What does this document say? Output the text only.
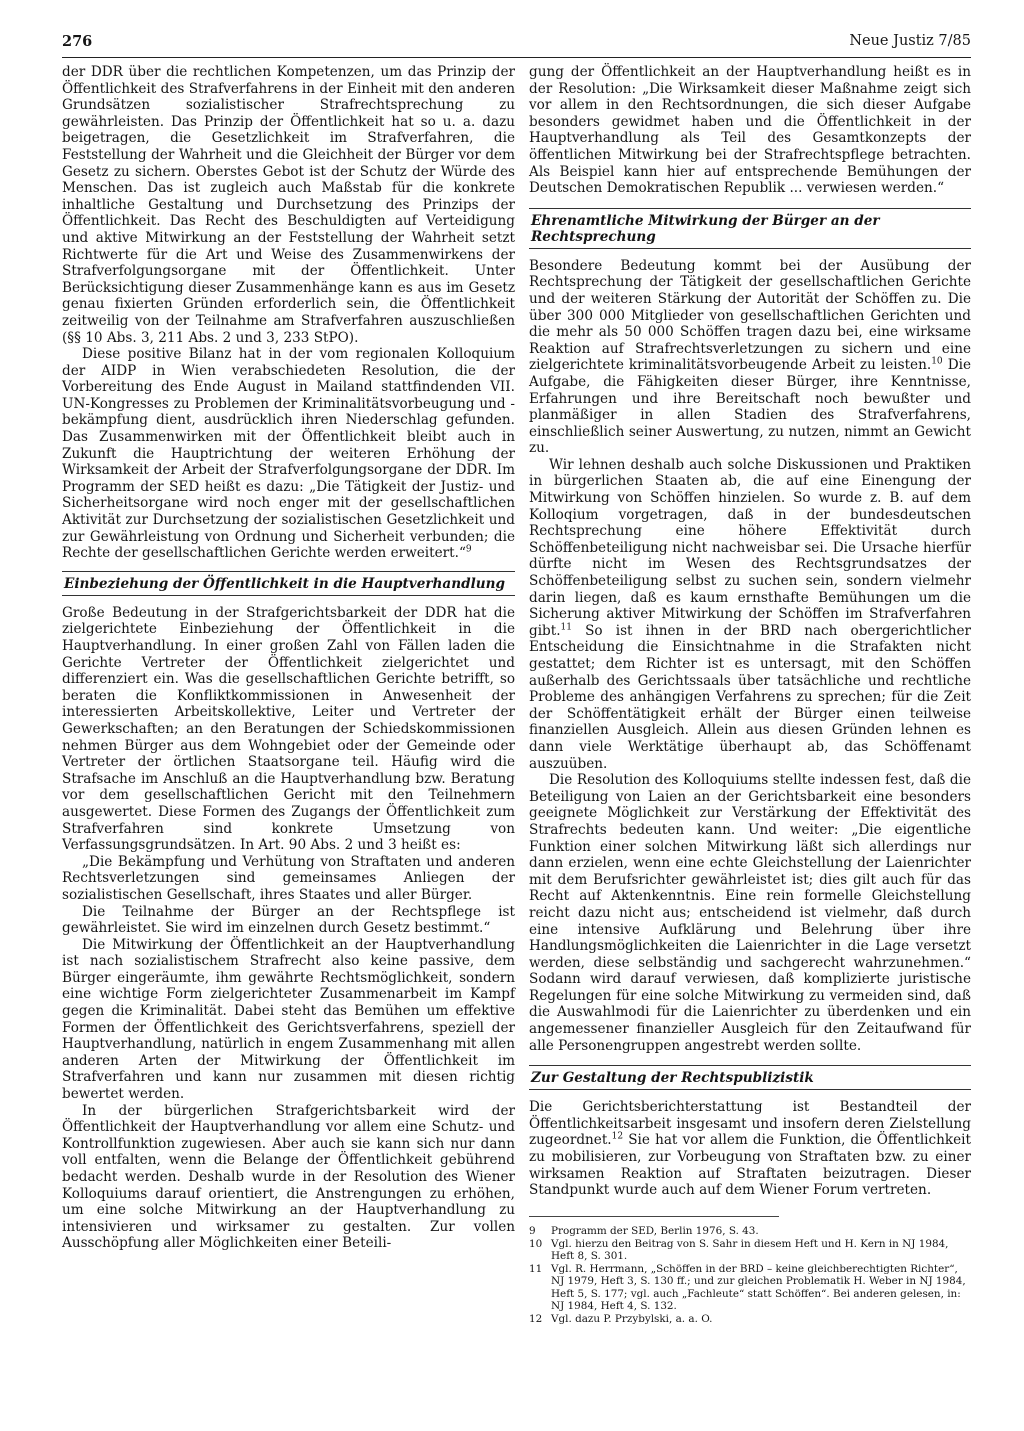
276	Neue Justiz 7/85

der DDR über die rechtlichen Kompetenzen, um das Prinzip der Öffentlichkeit des Strafverfahrens in der Einheit mit den anderen Grundsätzen sozialistischer Strafrechtsprechung zu gewährleisten. Das Prinzip der Öffentlichkeit hat so u. a. dazu beigetragen, die Gesetzlichkeit im Strafverfahren, die Feststellung der Wahrheit und die Gleichheit der Bürger vor dem Gesetz zu sichern. Oberstes Gebot ist der Schutz der Würde des Menschen. Das ist zugleich auch Maßstab für die konkrete inhaltliche Gestaltung und Durchsetzung des Prinzips der Öffentlichkeit. Das Recht des Beschuldigten auf Verteidigung und aktive Mitwirkung an der Feststellung der Wahrheit setzt Richtwerte für die Art und Weise des Zusammenwirkens der Strafverfolgungsorgane mit der Öffentlichkeit. Unter Berücksichtigung dieser Zusammenhänge kann es aus im Gesetz genau fixierten Gründen erforderlich sein, die Öffentlichkeit zeitweilig von der Teilnahme am Strafverfahren auszuschließen (§§ 10 Abs. 3, 211 Abs. 2 und 3, 233 StPO).

Diese positive Bilanz hat in der vom regionalen Kolloquium der AIDP in Wien verabschiedeten Resolution, die der Vorbereitung des Ende August in Mailand stattfindenden VII. UN-Kongresses zu Problemen der Kriminalitätsvorbeugung und -bekämpfung dient, ausdrücklich ihren Niederschlag gefunden. Das Zusammenwirken mit der Öffentlichkeit bleibt auch in Zukunft die Hauptrichtung der weiteren Erhöhung der Wirksamkeit der Arbeit der Strafverfolgungsorgane der DDR. Im Programm der SED heißt es dazu: „Die Tätigkeit der Justiz- und Sicherheitsorgane wird noch enger mit der gesellschaftlichen Aktivität zur Durchsetzung der sozialistischen Gesetzlichkeit und zur Gewährleistung von Ordnung und Sicherheit verbunden; die Rechte der gesellschaftlichen Gerichte werden erweitert.“$^9$

Einbeziehung der Öffentlichkeit in die Hauptverhandlung

Große Bedeutung in der Strafgerichtsbarkeit der DDR hat die zielgerichtete Einbeziehung der Öffentlichkeit in die Hauptverhandlung. In einer großen Zahl von Fällen laden die Gerichte Vertreter der Öffentlichkeit zielgerichtet und differenziert ein. Was die gesellschaftlichen Gerichte betrifft, so beraten die Konfliktkommissionen in Anwesenheit der interessierten Arbeitskollektive, Leiter und Vertreter der Gewerkschaften; an den Beratungen der Schiedskommissionen nehmen Bürger aus dem Wohngebiet oder der Gemeinde oder Vertreter der örtlichen Staatsorgane teil. Häufig wird die Strafsache im Anschluß an die Hauptverhandlung bzw. Beratung vor dem gesellschaftlichen Gericht mit den Teilnehmern ausgewertet. Diese Formen des Zugangs der Öffentlichkeit zum Strafverfahren sind konkrete Umsetzung von Verfassungsgrundsätzen. In Art. 90 Abs. 2 und 3 heißt es:

„Die Bekämpfung und Verhütung von Straftaten und anderen Rechtsverletzungen sind gemeinsames Anliegen der sozialistischen Gesellschaft, ihres Staates und aller Bürger.

Die Teilnahme der Bürger an der Rechtspflege ist gewährleistet. Sie wird im einzelnen durch Gesetz bestimmt.“

Die Mitwirkung der Öffentlichkeit an der Hauptverhandlung ist nach sozialistischem Strafrecht also keine passive, dem Bürger eingeräumte, ihm gewährte Rechtsmöglichkeit, sondern eine wichtige Form zielgerichteter Zusammenarbeit im Kampf gegen die Kriminalität. Dabei steht das Bemühen um effektive Formen der Öffentlichkeit des Gerichtsverfahrens, speziell der Hauptverhandlung, natürlich in engem Zusammenhang mit allen anderen Arten der Mitwirkung der Öffentlichkeit im Strafverfahren und kann nur zusammen mit diesen richtig bewertet werden.

In der bürgerlichen Strafgerichtsbarkeit wird der Öffentlichkeit der Hauptverhandlung vor allem eine Schutz- und Kontrollfunktion zugewiesen. Aber auch sie kann sich nur dann voll entfalten, wenn die Belange der Öffentlichkeit gebührend bedacht werden. Deshalb wurde in der Resolution des Wiener Kolloquiums darauf orientiert, die Anstrengungen zu erhöhen, um eine solche Mitwirkung an der Hauptverhandlung zu intensivieren und wirksamer zu gestalten. Zur vollen Ausschöpfung aller Möglichkeiten einer Beteili-

gung der Öffentlichkeit an der Hauptverhandlung heißt es in der Resolution: „Die Wirksamkeit dieser Maßnahme zeigt sich vor allem in den Rechtsordnungen, die sich dieser Aufgabe besonders gewidmet haben und die Öffentlichkeit in der Hauptverhandlung als Teil des Gesamtkonzepts der öffentlichen Mitwirkung bei der Strafrechtspflege betrachten. Als Beispiel kann hier auf entsprechende Bemühungen der Deutschen Demokratischen Republik ... verwiesen werden.“

Ehrenamtliche Mitwirkung der Bürger an der Rechtsprechung

Besondere Bedeutung kommt bei der Ausübung der Rechtsprechung der Tätigkeit der gesellschaftlichen Gerichte und der weiteren Stärkung der Autorität der Schöffen zu. Die über 300 000 Mitglieder von gesellschaftlichen Gerichten und die mehr als 50 000 Schöffen tragen dazu bei, eine wirksame Reaktion auf Strafrechtsverletzungen zu sichern und eine zielgerichtete kriminalitätsvorbeugende Arbeit zu leisten.$^{10}$ Die Aufgabe, die Fähigkeiten dieser Bürger, ihre Kenntnisse, Erfahrungen und ihre Bereitschaft noch bewußter und planmäßiger in allen Stadien des Strafverfahrens, einschließlich seiner Auswertung, zu nutzen, nimmt an Gewicht zu.

Wir lehnen deshalb auch solche Diskussionen und Praktiken in bürgerlichen Staaten ab, die auf eine Einengung der Mitwirkung von Schöffen hinzielen. So wurde z. B. auf dem Kolloqium vorgetragen, daß in der bundesdeutschen Rechtsprechung eine höhere Effektivität durch Schöffenbeteiligung nicht nachweisbar sei. Die Ursache hierfür dürfte nicht im Wesen des Rechtsgrundsatzes der Schöffenbeteiligung selbst zu suchen sein, sondern vielmehr darin liegen, daß es kaum ernsthafte Bemühungen um die Sicherung aktiver Mitwirkung der Schöffen im Strafverfahren gibt.$^{11}$ So ist ihnen in der BRD nach obergerichtlicher Entscheidung die Einsichtnahme in die Strafakten nicht gestattet; dem Richter ist es untersagt, mit den Schöffen außerhalb des Gerichtssaals über tatsächliche und rechtliche Probleme des anhängigen Verfahrens zu sprechen; für die Zeit der Schöffentätigkeit erhält der Bürger einen teilweise finanziellen Ausgleich. Allein aus diesen Gründen lehnen es dann viele Werktätige überhaupt ab, das Schöffenamt auszuüben.

Die Resolution des Kolloquiums stellte indessen fest, daß die Beteiligung von Laien an der Gerichtsbarkeit eine besonders geeignete Möglichkeit zur Verstärkung der Effektivität des Strafrechts bedeuten kann. Und weiter: „Die eigentliche Funktion einer solchen Mitwirkung läßt sich allerdings nur dann erzielen, wenn eine echte Gleichstellung der Laienrichter mit dem Berufsrichter gewährleistet ist; dies gilt auch für das Recht auf Aktenkenntnis. Eine rein formelle Gleichstellung reicht dazu nicht aus; entscheidend ist vielmehr, daß durch eine intensive Aufklärung und Belehrung über ihre Handlungsmöglichkeiten die Laienrichter in die Lage versetzt werden, diese selbständig und sachgerecht wahrzunehmen.“ Sodann wird darauf verwiesen, daß komplizierte juristische Regelungen für eine solche Mitwirkung zu vermeiden sind, daß die Auswahlmodi für die Laienrichter zu überdenken und ein angemessener finanzieller Ausgleich für den Zeitaufwand für alle Personengruppen angestrebt werden sollte.

Zur Gestaltung der Rechtspublizistik

Die Gerichtsberichterstattung ist Bestandteil der Öffentlichkeitsarbeit insgesamt und insofern deren Zielstellung zugeordnet.$^{12}$ Sie hat vor allem die Funktion, die Öffentlichkeit zu mobilisieren, zur Vorbeugung von Straftaten bzw. zu einer wirksamen Reaktion auf Straftaten beizutragen. Dieser Standpunkt wurde auch auf dem Wiener Forum vertreten.

9	Programm der SED, Berlin 1976, S. 43.
10 Vgl. hierzu den Beitrag von S. Sahr in diesem Heft und H. Kern in NJ 1984, Heft 8, S. 301.
11 Vgl. R. Herrmann, „Schöffen in der BRD – keine gleichberechtigten Richter“, NJ 1979, Heft 3, S. 130 ff.; und zur gleichen Problematik H. Weber in NJ 1984, Heft 5, S. 177; vgl. auch „Fachleute“ statt Schöffen“. Bei anderen gelesen, in: NJ 1984, Heft 4, S. 132.
12 Vgl. dazu P. Przybylski, a. a. O.
